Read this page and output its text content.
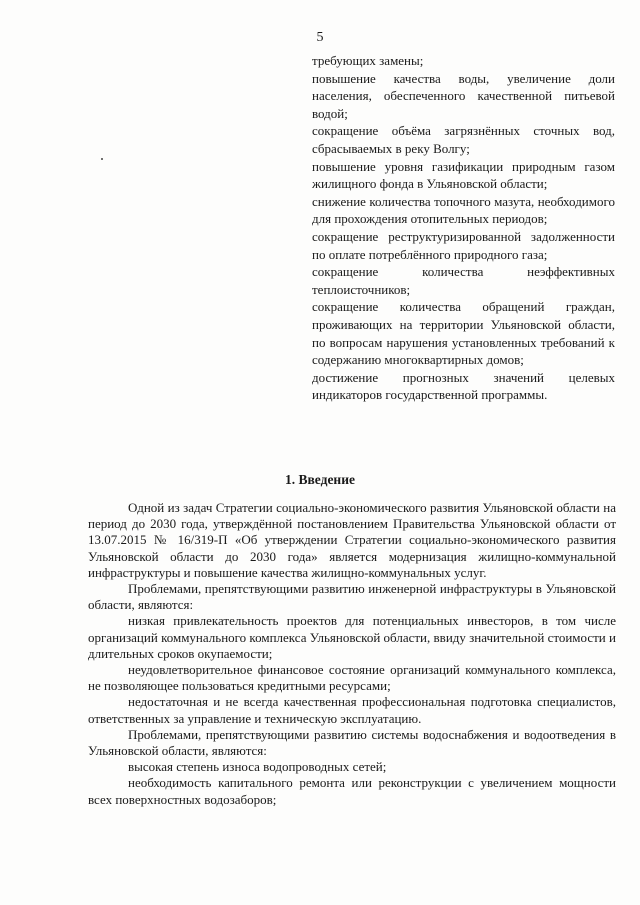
5

требующих замены;

повышение качества воды, увеличение доли населения, обеспеченного качественной питьевой водой;

сокращение объёма загрязнённых сточных вод, сбрасываемых в реку Волгу;

повышение уровня газификации природным газом жилищного фонда в Ульяновской области;

снижение количества топочного мазута, необходимого для прохождения отопительных периодов;

сокращение реструктуризированной задолженности по оплате потреблённого природного газа;

сокращение количества неэффективных теплоисточников;

сокращение количества обращений граждан, проживающих на территории Ульяновской области, по вопросам нарушения установленных требований к содержанию многоквартирных домов;

достижение прогнозных значений целевых индикаторов государственной программы.

1. Введение

Одной из задач Стратегии социально-экономического развития Ульяновской области на период до 2030 года, утверждённой постановлением Правительства Ульяновской области от 13.07.2015 № 16/319-П «Об утверждении Стратегии социально-экономического развития Ульяновской области до 2030 года» является модернизация жилищно-коммунальной инфраструктуры и повышение качества жилищно-коммунальных услуг.

Проблемами, препятствующими развитию инженерной инфраструктуры в Ульяновской области, являются:

низкая привлекательность проектов для потенциальных инвесторов, в том числе организаций коммунального комплекса Ульяновской области, ввиду значительной стоимости и длительных сроков окупаемости;

неудовлетворительное финансовое состояние организаций коммунального комплекса, не позволяющее пользоваться кредитными ресурсами;

недостаточная и не всегда качественная профессиональная подготовка специалистов, ответственных за управление и техническую эксплуатацию.

Проблемами, препятствующими развитию системы водоснабжения и водоотведения в Ульяновской области, являются:

высокая степень износа водопроводных сетей;

необходимость капитального ремонта или реконструкции с увеличением мощности всех поверхностных водозаборов;
